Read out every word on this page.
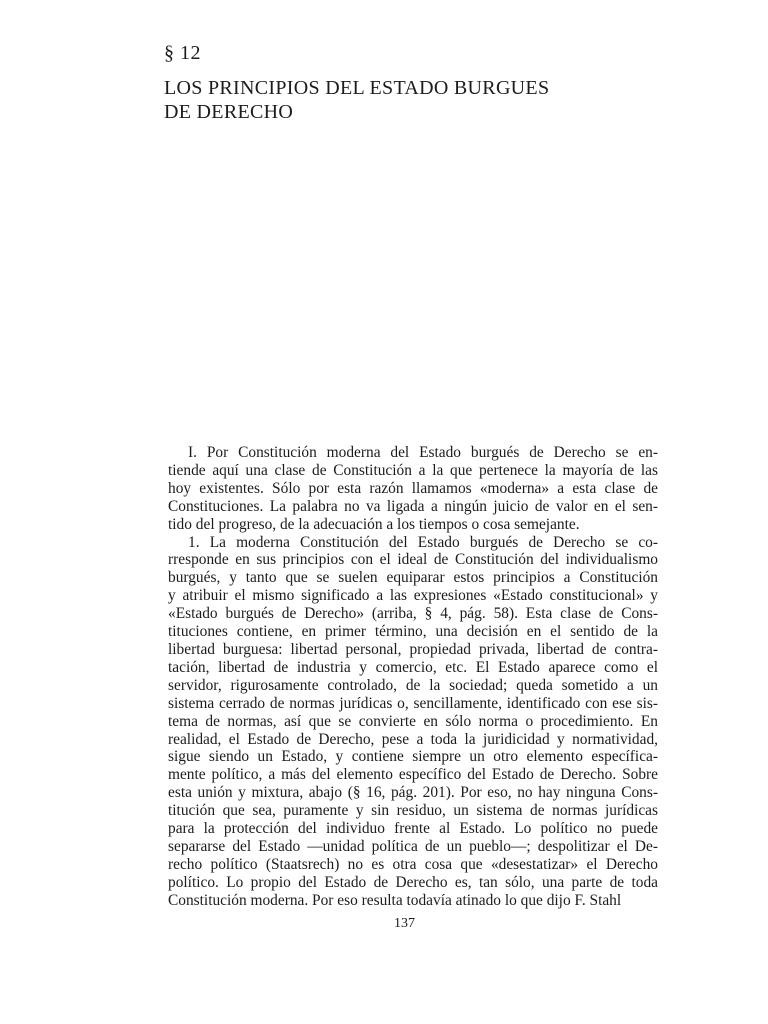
§ 12
LOS PRINCIPIOS DEL ESTADO BURGUES
DE DERECHO
I. Por Constitución moderna del Estado burgués de Derecho se en-
tiende aquí una clase de Constitución a la que pertenece la mayoría de las
hoy existentes. Sólo por esta razón llamamos «moderna» a esta clase de
Constituciones. La palabra no va ligada a ningún juicio de valor en el sen-
tido del progreso, de la adecuación a los tiempos o cosa semejante.
1. La moderna Constitución del Estado burgués de Derecho se co-
rresponde en sus principios con el ideal de Constitución del individualismo
burgués, y tanto que se suelen equiparar estos principios a Constitución
y atribuir el mismo significado a las expresiones «Estado constitucional» y
«Estado burgués de Derecho» (arriba, § 4, pág. 58). Esta clase de Cons-
tituciones contiene, en primer término, una decisión en el sentido de la
libertad burguesa: libertad personal, propiedad privada, libertad de contra-
tación, libertad de industria y comercio, etc. El Estado aparece como el
servidor, rigurosamente controlado, de la sociedad; queda sometido a un
sistema cerrado de normas jurídicas o, sencillamente, identificado con ese sis-
tema de normas, así que se convierte en sólo norma o procedimiento. En
realidad, el Estado de Derecho, pese a toda la juridicidad y normatividad,
sigue siendo un Estado, y contiene siempre un otro elemento específica-
mente político, a más del elemento específico del Estado de Derecho. Sobre
esta unión y mixtura, abajo (§ 16, pág. 201). Por eso, no hay ninguna Cons-
titución que sea, puramente y sin residuo, un sistema de normas jurídicas
para la protección del individuo frente al Estado. Lo político no puede
separarse del Estado —unidad política de un pueblo—; despolitizar el De-
recho político (Staatsrech) no es otra cosa que «desestatizar» el Derecho
político. Lo propio del Estado de Derecho es, tan sólo, una parte de toda
Constitución moderna. Por eso resulta todavía atinado lo que dijo F. Stahl
137
